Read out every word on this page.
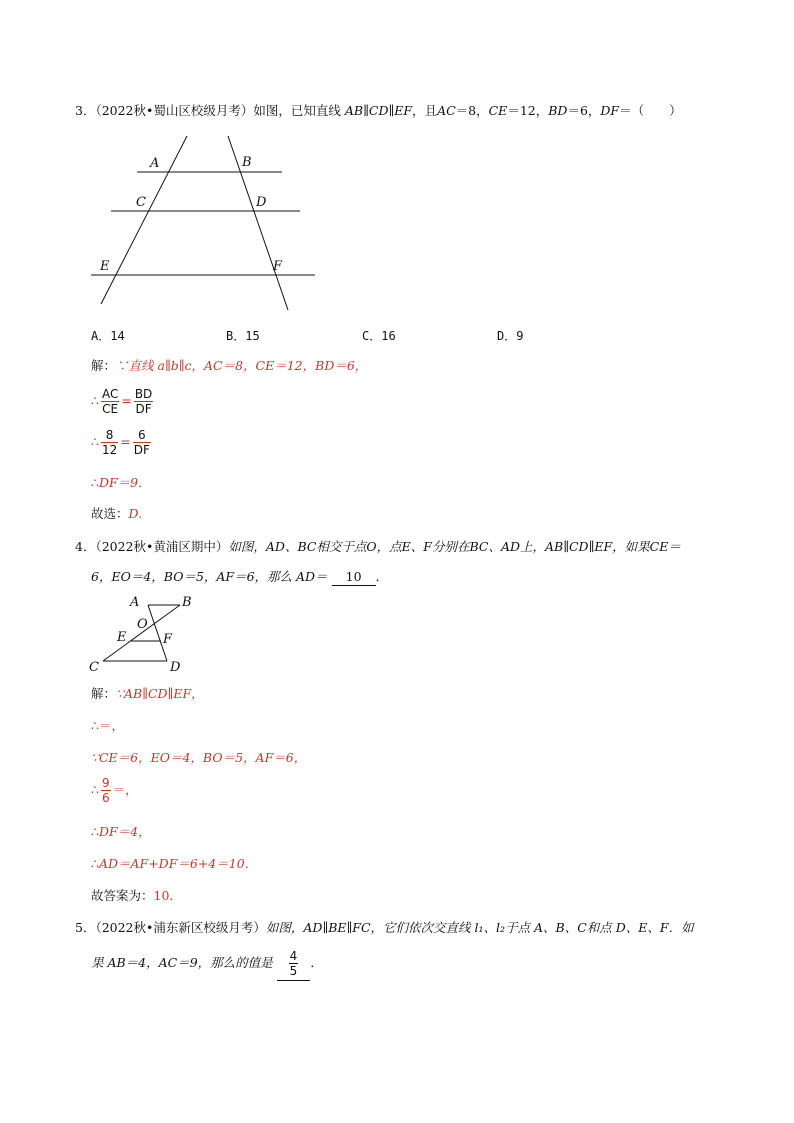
3．（2022秋•蜀山区校级月考）如图，已知直线 AB∥CD∥EF，且AC＝8，CE＝12，BD＝6，DF＝（　　）
A	B
C	D
E	F
A．14	B．15	C．16	D．9
解：∵直线 a∥b∥c，AC＝8，CE＝12，BD＝6，
∴ $\frac{AC}{CE} = \frac{BD}{DF}$
∴ $\frac{8}{12} = \frac{6}{DF}$
∴DF＝9．
故选：D.
4．（2022秋•黄浦区期中）如图，AD、BC相交于点O，点E、F分别在BC、AD上，AB∥CD∥EF，如果CE＝
6，EO＝4，BO＝5，AF＝6，那么 AD＝ 10 ．
A	B
O
E	F
C	D
解：∵AB∥CD∥EF，
∴＝，
∵CE＝6，EO＝4，BO＝5，AF＝6，
∴ $\frac{9}{6}$ ＝，
∴DF＝4，
∴AD＝AF+DF＝6+4＝10．
故答案为：10．
5．（2022秋•浦东新区校级月考）如图，AD∥BE∥FC，它们依次交直线 l₁、l₂于点 A、B、C和点 D、E、F．如
果 AB＝4，AC＝9，那么的值是 $\frac{4}{5}$ ．
